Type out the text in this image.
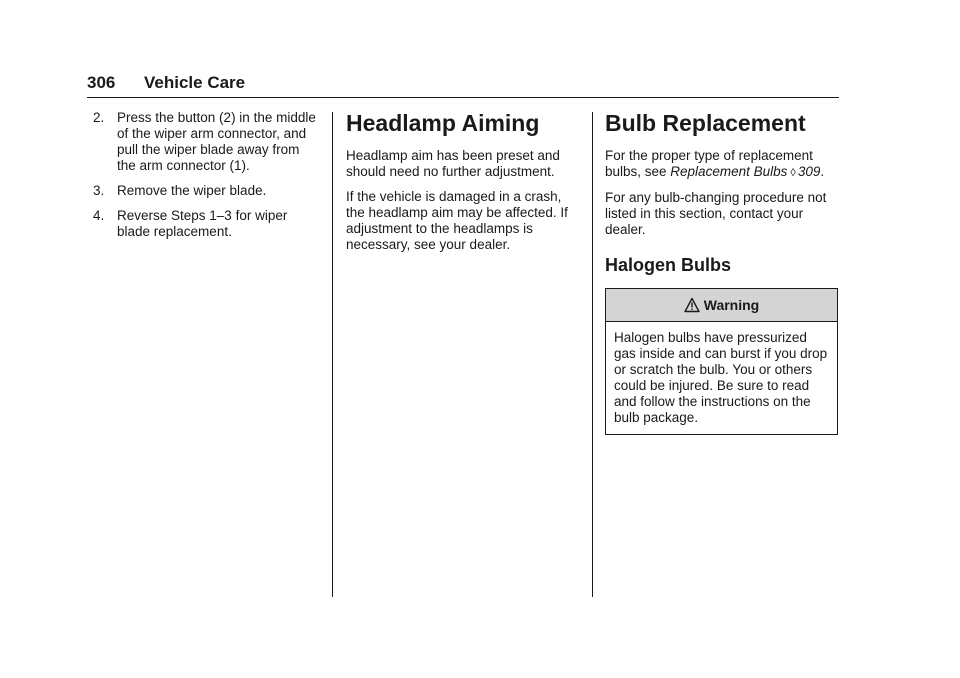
306 Vehicle Care
2. Press the button (2) in the middle of the wiper arm connector, and pull the wiper blade away from the arm connector (1).
3. Remove the wiper blade.
4. Reverse Steps 1–3 for wiper blade replacement.
Headlamp Aiming

Headlamp aim has been preset and should need no further adjustment.

If the vehicle is damaged in a crash, the headlamp aim may be affected. If adjustment to the headlamps is necessary, see your dealer.

Bulb Replacement

For the proper type of replacement bulbs, see Replacement Bulbs ◊ 309.

For any bulb-changing procedure not listed in this section, contact your dealer.

Halogen Bulbs
Warning
Halogen bulbs have pressurized gas inside and can burst if you drop or scratch the bulb. You or others could be injured. Be sure to read and follow the instructions on the bulb package.
